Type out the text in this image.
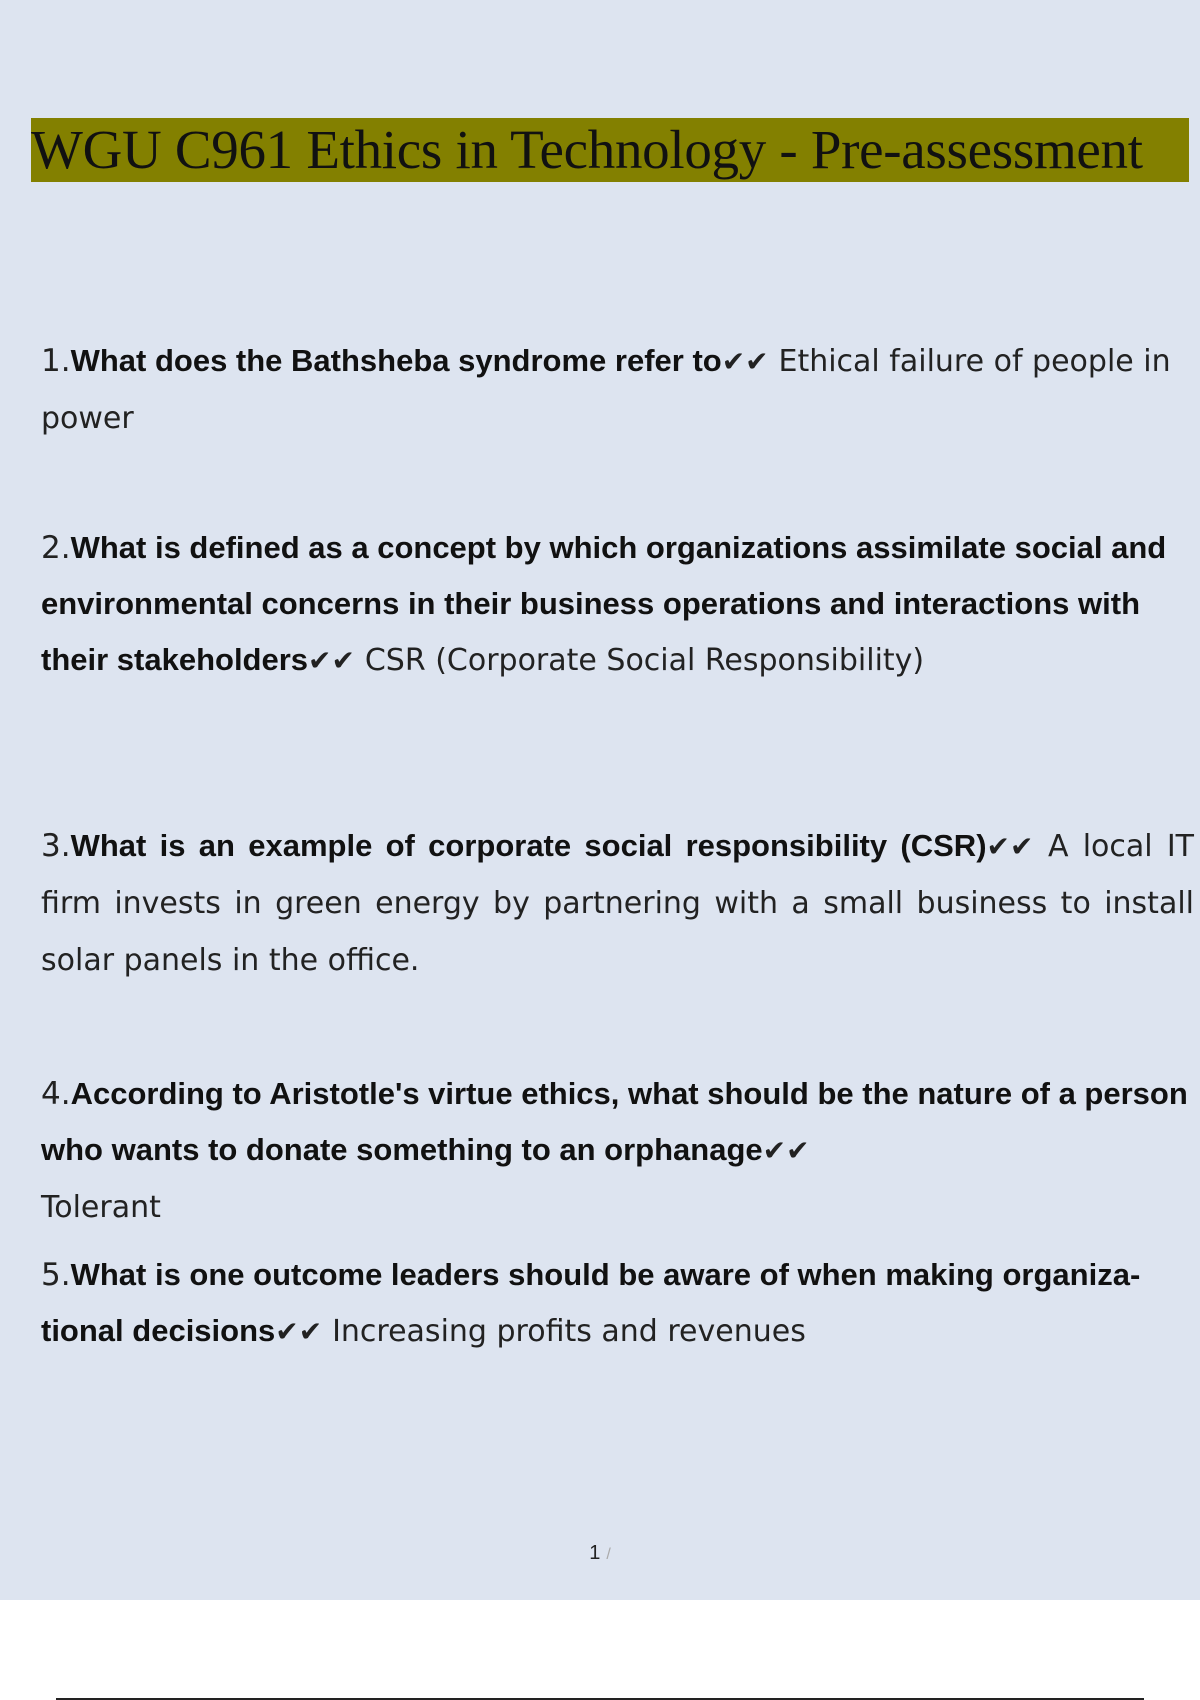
WGU C961 Ethics in Technology - Pre-assessment

1.What does the Bathsheba syndrome refer to✔✔ Ethical failure of people in power

2.What is defined as a concept by which organizations assimilate social and environmental concerns in their business operations and interactions with their stakeholders✔✔ CSR (Corporate Social Responsibility)

3.What is an example of corporate social responsibility (CSR)✔✔ A local IT firm invests in green energy by partnering with a small business to install solar panels in the office.

4.According to Aristotle's virtue ethics, what should be the nature of a person who wants to donate something to an orphanage✔✔
Tolerant

5.What is one outcome leaders should be aware of when making organiza- tional decisions✔✔ Increasing profits and revenues

1 /
